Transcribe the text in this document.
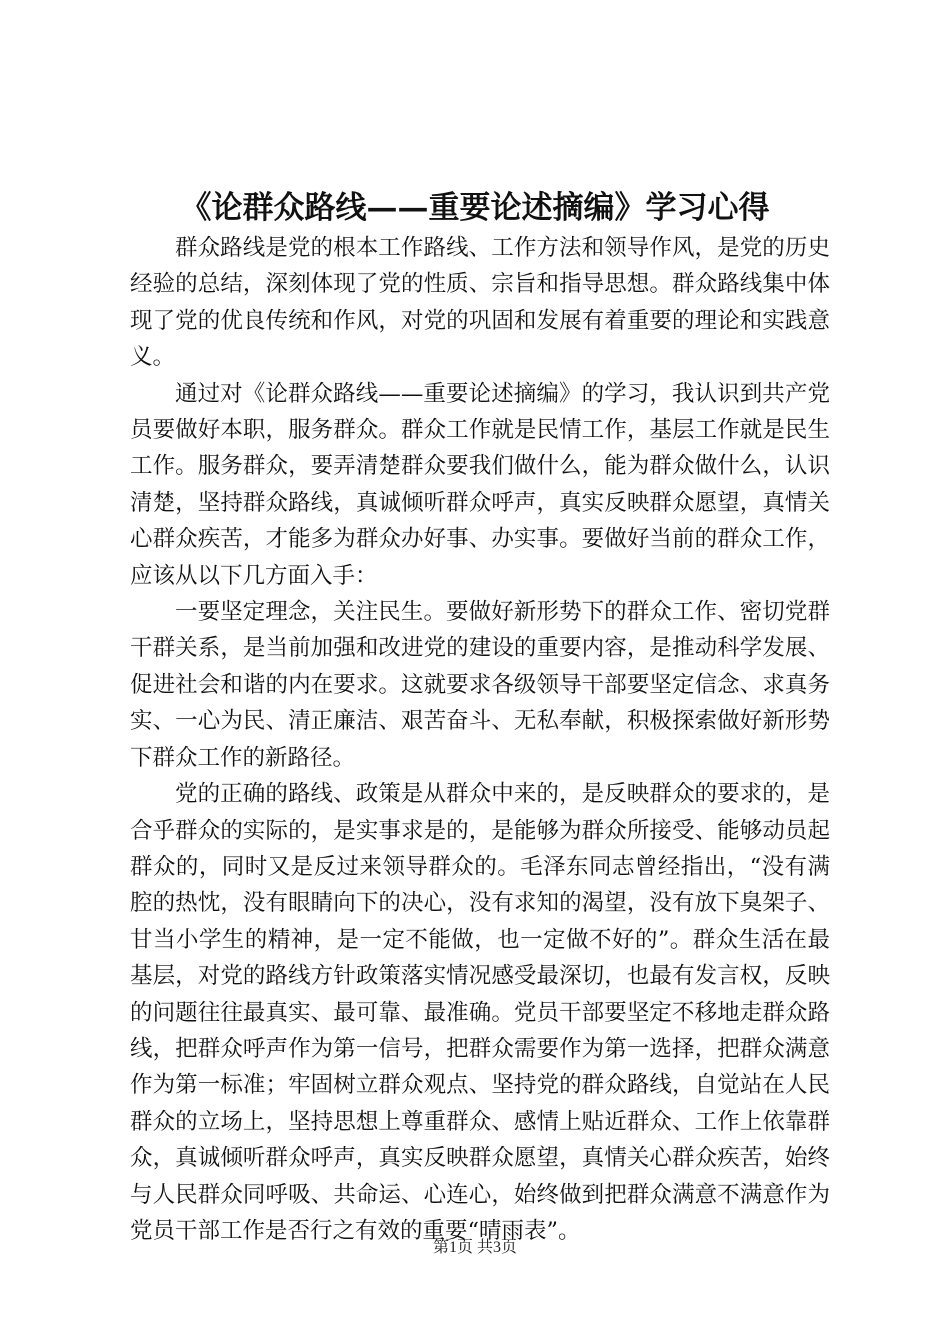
《论群众路线——重要论述摘编》学习心得

群众路线是党的根本工作路线、工作方法和领导作风，是党的历史经验的总结，深刻体现了党的性质、宗旨和指导思想。群众路线集中体现了党的优良传统和作风，对党的巩固和发展有着重要的理论和实践意义。

通过对《论群众路线——重要论述摘编》的学习，我认识到共产党员要做好本职，服务群众。群众工作就是民情工作，基层工作就是民生工作。服务群众，要弄清楚群众要我们做什么，能为群众做什么，认识清楚，坚持群众路线，真诚倾听群众呼声，真实反映群众愿望，真情关心群众疾苦，才能多为群众办好事、办实事。要做好当前的群众工作，应该从以下几方面入手：

一要坚定理念，关注民生。要做好新形势下的群众工作、密切党群干群关系，是当前加强和改进党的建设的重要内容，是推动科学发展、促进社会和谐的内在要求。这就要求各级领导干部要坚定信念、求真务实、一心为民、清正廉洁、艰苦奋斗、无私奉献，积极探索做好新形势下群众工作的新路径。

党的正确的路线、政策是从群众中来的，是反映群众的要求的，是合乎群众的实际的，是实事求是的，是能够为群众所接受、能够动员起群众的，同时又是反过来领导群众的。毛泽东同志曾经指出，“没有满腔的热忱，没有眼睛向下的决心，没有求知的渴望，没有放下臭架子、甘当小学生的精神，是一定不能做，也一定做不好的”。群众生活在最基层，对党的路线方针政策落实情况感受最深切，也最有发言权，反映的问题往往最真实、最可靠、最准确。党员干部要坚定不移地走群众路线，把群众呼声作为第一信号，把群众需要作为第一选择，把群众满意作为第一标准；牢固树立群众观点、坚持党的群众路线，自觉站在人民群众的立场上，坚持思想上尊重群众、感情上贴近群众、工作上依靠群众，真诚倾听群众呼声，真实反映群众愿望，真情关心群众疾苦，始终与人民群众同呼吸、共命运、心连心，始终做到把群众满意不满意作为党员干部工作是否行之有效的重要“晴雨表”。

第1页 共3页
